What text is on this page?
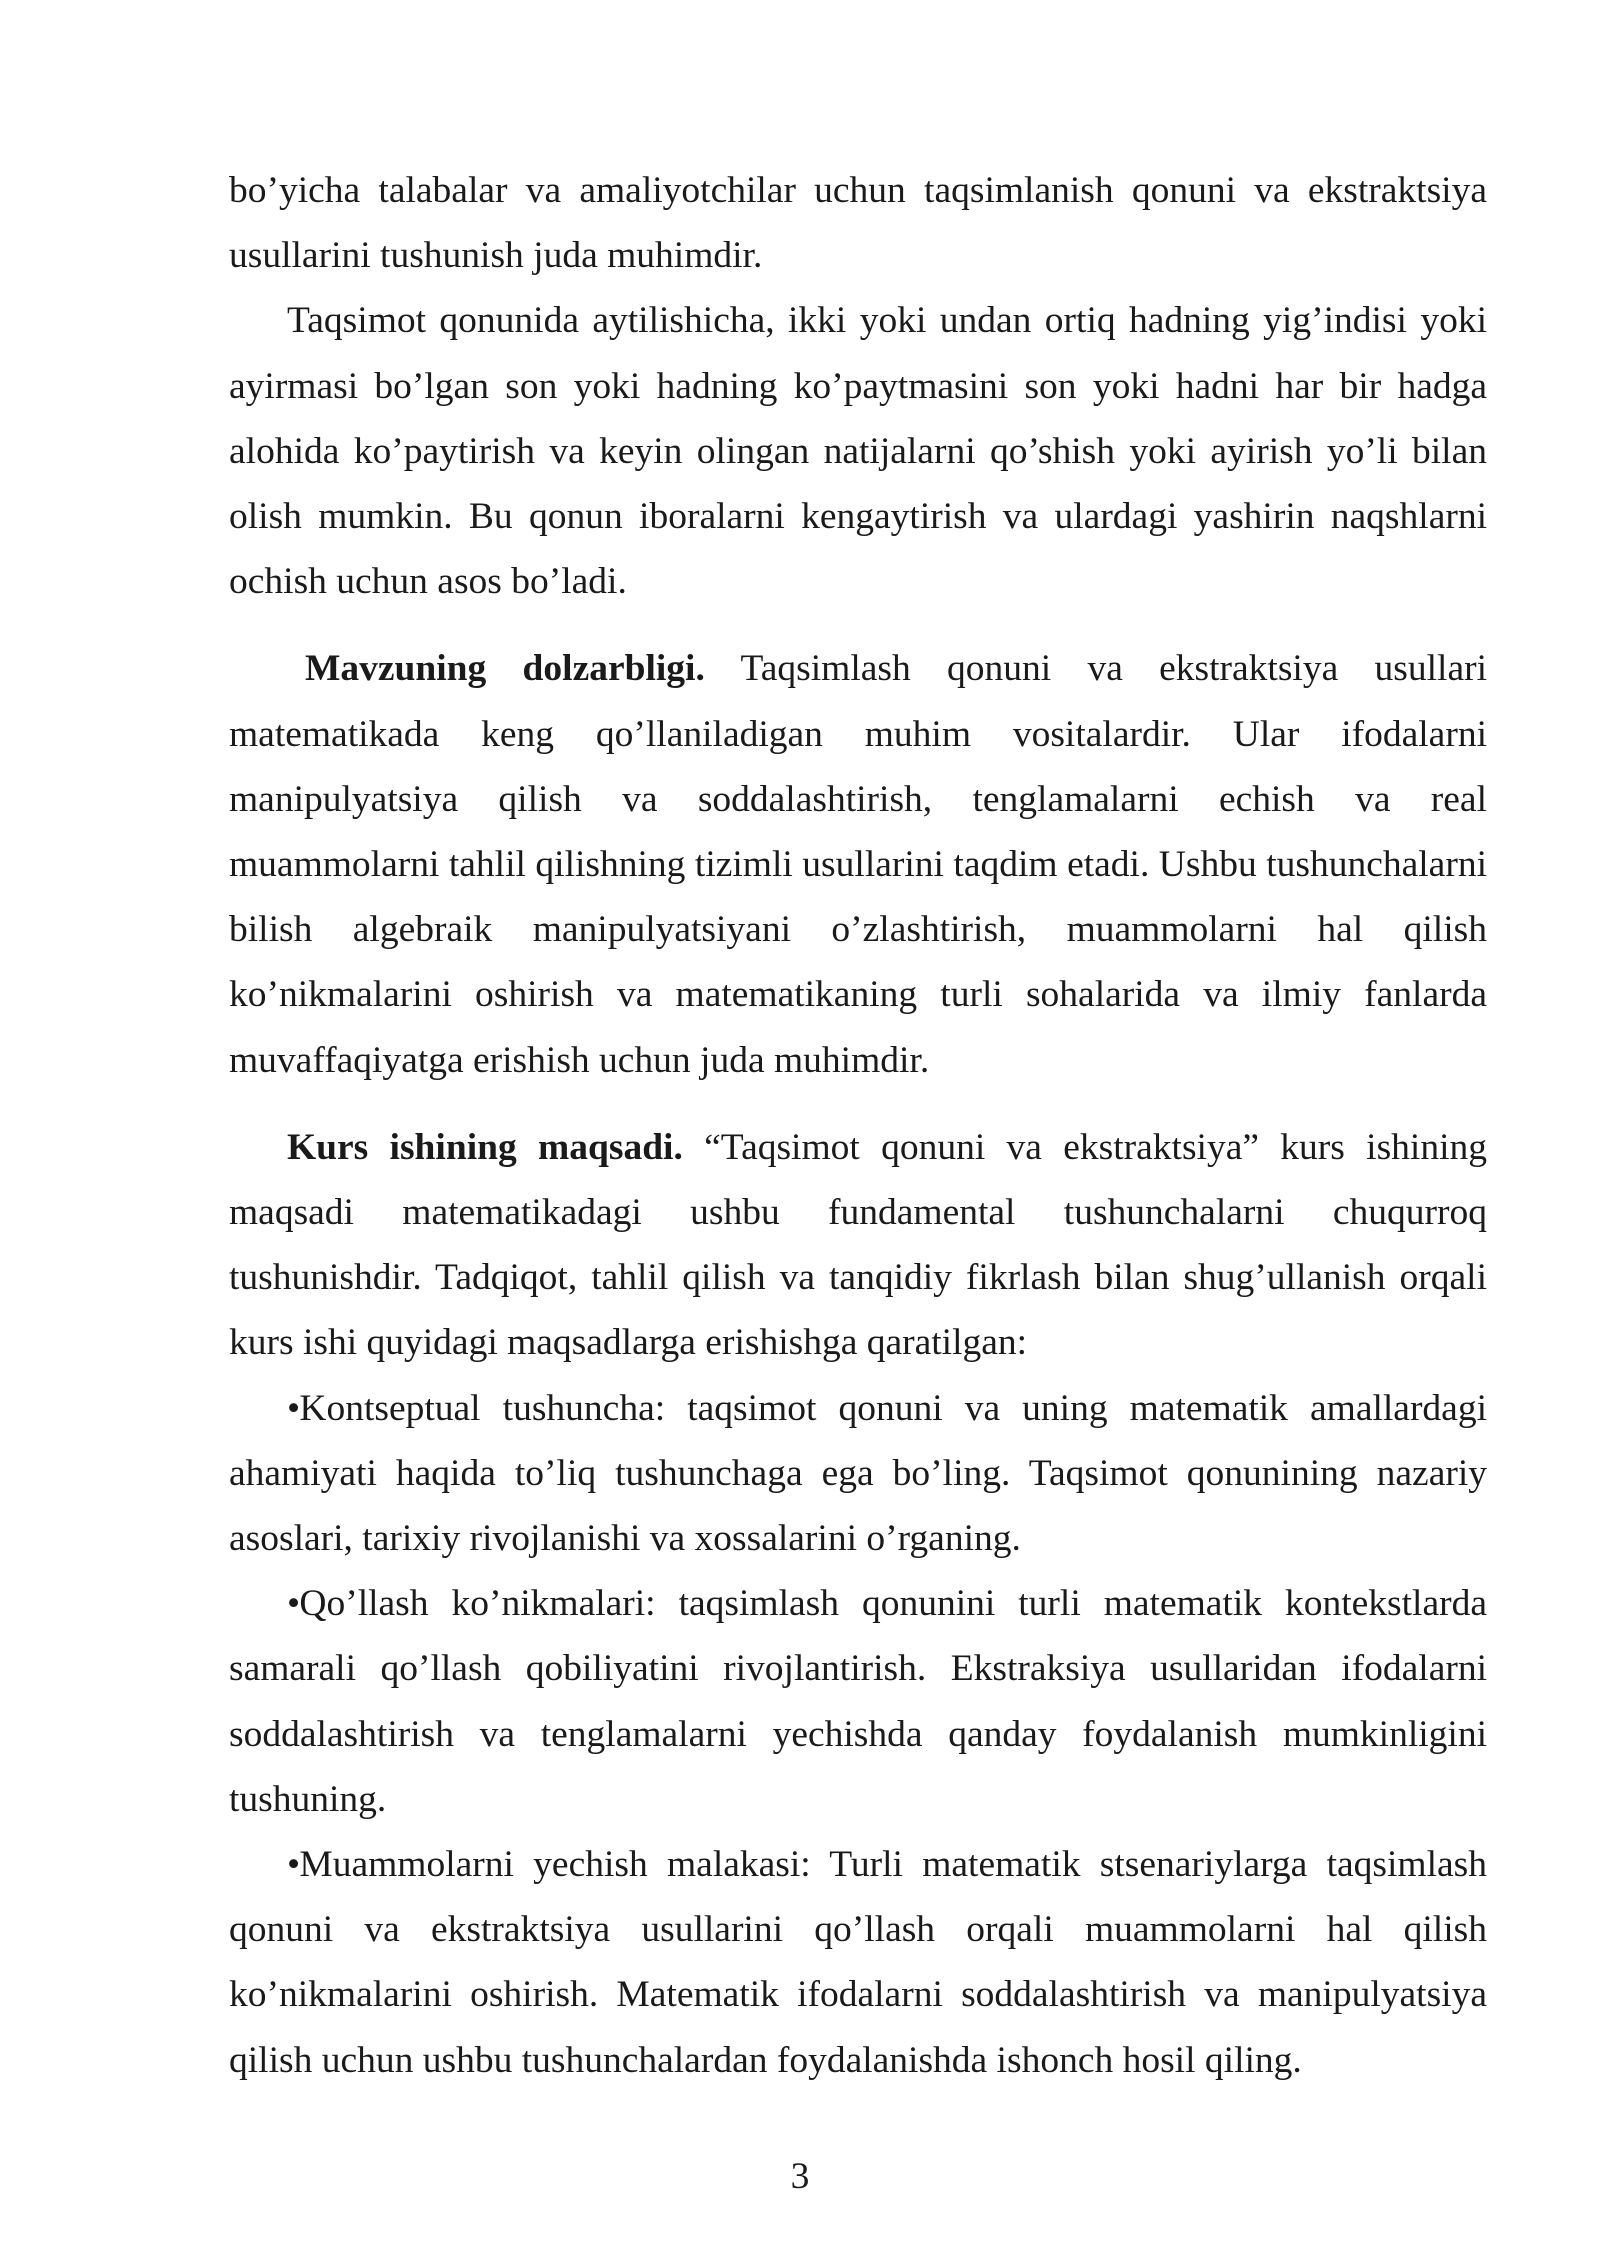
bo’yicha talabalar va amaliyotchilar uchun taqsimlanish qonuni va ekstraktsiya usullarini tushunish juda muhimdir.

Taqsimot qonunida aytilishicha, ikki yoki undan ortiq hadning yig’indisi yoki ayirmasi bo’lgan son yoki hadning ko’paytmasini son yoki hadni har bir hadga alohida ko’paytirish va keyin olingan natijalarni qo’shish yoki ayirish yo’li bilan olish mumkin. Bu qonun iboralarni kengaytirish va ulardagi yashirin naqshlarni ochish uchun asos bo’ladi.

Mavzuning dolzarbligi. Taqsimlash qonuni va ekstraktsiya usullari matematikada keng qo’llaniladigan muhim vositalardir. Ular ifodalarni manipulyatsiya qilish va soddalashtirish, tenglamalarni echish va real muammolarni tahlil qilishning tizimli usullarini taqdim etadi. Ushbu tushunchalarni bilish algebraik manipulyatsiyani o’zlashtirish, muammolarni hal qilish ko’nikmalarini oshirish va matematikaning turli sohalarida va ilmiy fanlarda muvaffaqiyatga erishish uchun juda muhimdir.

Kurs ishining maqsadi. “Taqsimot qonuni va ekstraktsiya” kurs ishining maqsadi matematikadagi ushbu fundamental tushunchalarni chuqurroq tushunishdir. Tadqiqot, tahlil qilish va tanqidiy fikrlash bilan shug’ullanish orqali kurs ishi quyidagi maqsadlarga erishishga qaratilgan:

•Kontseptual tushuncha: taqsimot qonuni va uning matematik amallardagi ahamiyati haqida to’liq tushunchaga ega bo’ling. Taqsimot qonunining nazariy asoslari, tarixiy rivojlanishi va xossalarini o’rganing.

•Qo’llash ko’nikmalari: taqsimlash qonunini turli matematik kontekstlarda samarali qo’llash qobiliyatini rivojlantirish. Ekstraksiya usullaridan ifodalarni soddalashtirish va tenglamalarni yechishda qanday foydalanish mumkinligini tushuning.

•Muammolarni yechish malakasi: Turli matematik stsenariylarga taqsimlash qonuni va ekstraktsiya usullarini qo’llash orqali muammolarni hal qilish ko’nikmalarini oshirish. Matematik ifodalarni soddalashtirish va manipulyatsiya qilish uchun ushbu tushunchalardan foydalanishda ishonch hosil qiling.

3
